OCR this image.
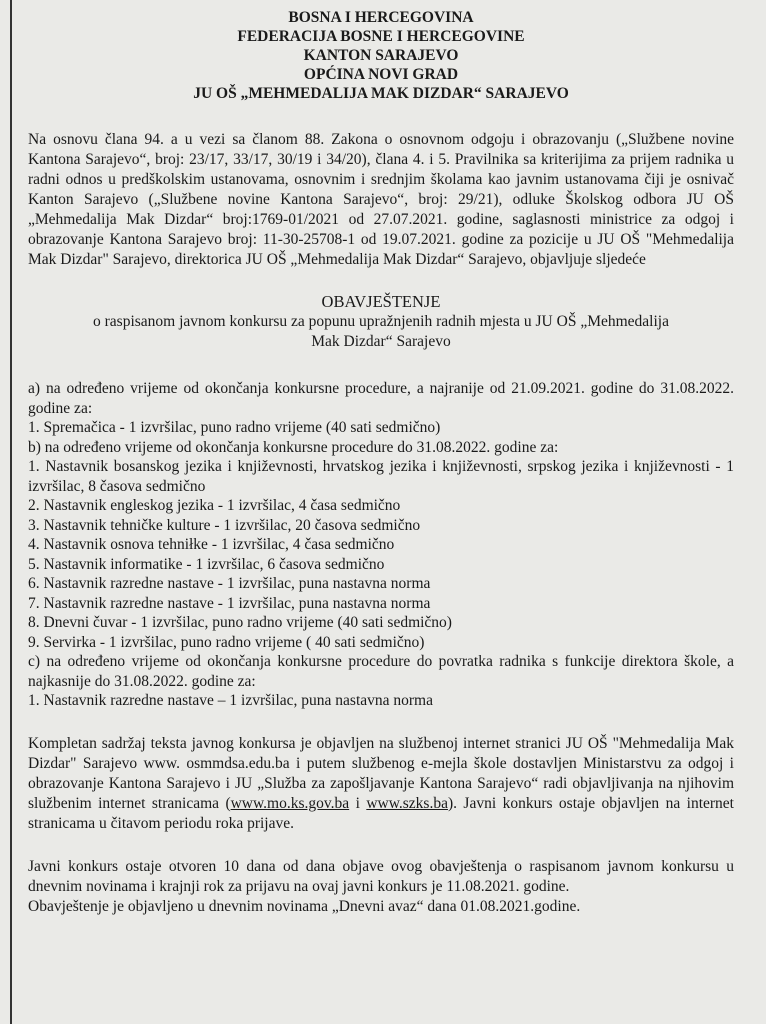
BOSNA I HERCEGOVINA
FEDERACIJA BOSNE I HERCEGOVINE
KANTON SARAJEVO
OPĆINA NOVI GRAD
JU OŠ „MEHMEDALIJA MAK DIZDAR“ SARAJEVO

Na osnovu člana 94. a u vezi sa članom 88. Zakona o osnovnom odgoju i obrazovanju („Službene novine Kantona Sarajevo“, broj: 23/17, 33/17, 30/19 i 34/20), člana 4. i 5. Pravilnika sa kriterijima za prijem radnika u radni odnos u predškolskim ustanovama, osnovnim i srednjim školama kao javnim ustanovama čiji je osnivač Kanton Sarajevo („Službene novine Kantona Sarajevo“, broj: 29/21), odluke Školskog odbora JU OŠ „Mehmedalija Mak Dizdar“ broj:1769-01/2021 od 27.07.2021. godine, saglasnosti ministrice za odgoj i obrazovanje Kantona Sarajevo broj: 11-30-25708-1 od 19.07.2021. godine za pozicije u JU OŠ "Mehmedalija Mak Dizdar" Sarajevo, direktorica JU OŠ „Mehmedalija Mak Dizdar“ Sarajevo, objavljuje sljedeće

OBAVJEŠTENJE
o raspisanom javnom konkursu za popunu upražnjenih radnih mjesta u JU OŠ „Mehmedalija
Mak Dizdar“ Sarajevo
a) na određeno vrijeme od okončanja konkursne procedure, a najranije od 21.09.2021. godine do 31.08.2022. godine za:
1. Spremačica - 1 izvršilac, puno radno vrijeme (40 sati sedmično)
b) na određeno vrijeme od okončanja konkursne procedure do 31.08.2022. godine za:
1. Nastavnik bosanskog jezika i književnosti, hrvatskog jezika i književnosti, srpskog jezika i književnosti - 1 izvršilac, 8 časova sedmično
2. Nastavnik engleskog jezika - 1 izvršilac, 4 časa sedmično
3. Nastavnik tehničke kulture - 1 izvršilac, 20 časova sedmično
4. Nastavnik osnova tehniłke - 1 izvršilac, 4 časa sedmično
5. Nastavnik informatike - 1 izvršilac, 6 časova sedmično
6. Nastavnik razredne nastave - 1 izvršilac, puna nastavna norma
7. Nastavnik razredne nastave - 1 izvršilac, puna nastavna norma
8. Dnevni čuvar - 1 izvršilac, puno radno vrijeme (40 sati sedmično)
9. Servirka - 1 izvršilac, puno radno vrijeme ( 40 sati sedmično)
c) na određeno vrijeme od okončanja konkursne procedure do povratka radnika s funkcije direktora škole, a najkasnije do 31.08.2022. godine za:
1. Nastavnik razredne nastave – 1 izvršilac, puna nastavna norma

Kompletan sadržaj teksta javnog konkursa je objavljen na službenoj internet stranici JU OŠ "Mehmedalija Mak Dizdar" Sarajevo www. osmmdsa.edu.ba i putem službenog e-mejla škole dostavljen Ministarstvu za odgoj i obrazovanje Kantona Sarajevo i JU „Služba za zapošljavanje Kantona Sarajevo“ radi objavljivanja na njihovim službenim internet stranicama (www.mo.ks.gov.ba i www.szks.ba). Javni konkurs ostaje objavljen na internet stranicama u čitavom periodu roka prijave.

Javni konkurs ostaje otvoren 10 dana od dana objave ovog obavještenja o raspisanom javnom konkursu u dnevnim novinama i krajnji rok za prijavu na ovaj javni konkurs je 11.08.2021. godine.

Obavještenje je objavljeno u dnevnim novinama „Dnevni avaz“ dana 01.08.2021.godine.
